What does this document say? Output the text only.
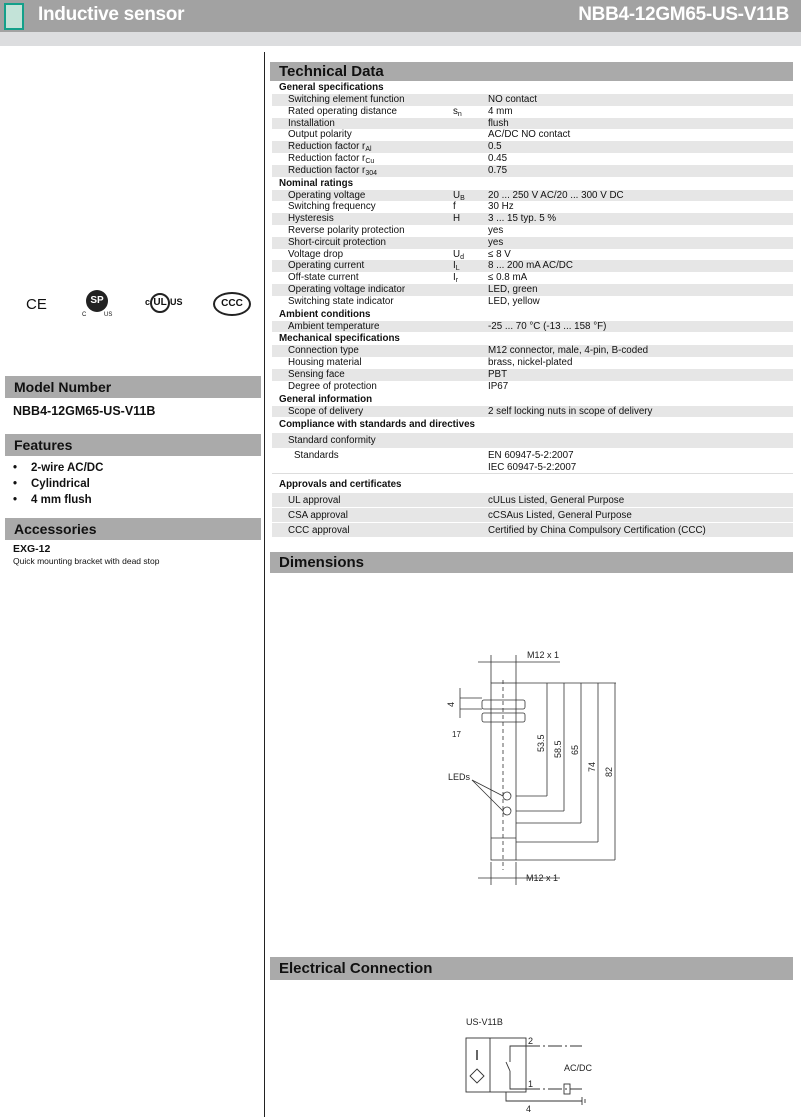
Inductive sensor	NBB4-12GM65-US-V11B
CE	SP
C	US
c UL US	CCC
Model Number
NBB4-12GM65-US-V11B
Features
• 2-wire AC/DC
• Cylindrical
• 4 mm flush
Accessories
EXG-12
Quick mounting bracket with dead stop
Technical Data
General specifications
Switching element function	NO contact
Rated operating distance	$s_n$	4 mm
Installation	flush
Output polarity	AC/DC NO contact
Reduction factor $r_{Al}$	0.5
Reduction factor $r_{Cu}$	0.45
Reduction factor $r_{304}$	0.75
Nominal ratings
Operating voltage	$U_B$ 20 ... 250 V AC/20 ... 300 V DC
Switching frequency	f	30 Hz
Hysteresis	H	3 ... 15 typ. 5 %
Reverse polarity protection	yes
Short-circuit protection	yes
Voltage drop	$U_d \le 8$ V
Operating current	$I_L$	8 ... 200 mA AC/DC
Off-state current	$I_r$	≤ 0.8 mA
Operating voltage indicator	LED, green
Switching state indicator	LED, yellow
Ambient conditions
Ambient temperature	-25 ... 70 °C (-13 ... 158 °F)
Mechanical specifications
Connection type	M12 connector, male, 4-pin, B-coded
Housing material	brass, nickel-plated
Sensing face	PBT
Degree of protection	IP67
General information
Scope of delivery	2 self locking nuts in scope of delivery
Compliance with standards and directives
Standard conformity
Standards	EN 60947-5-2:2007
IEC 60947-5-2:2007
Approvals and certificates
UL approval	cULus Listed, General Purpose
CSA approval	cCSAus Listed, General Purpose
CCC approval	Certified by China Compulsory Certification (CCC)
Dimensions
M12 x 1
M12 x 1
4
17
LEDs
53.5 58.5 65
74 82
Electrical Connection
US-V11B
2
1
4
AC/DC
